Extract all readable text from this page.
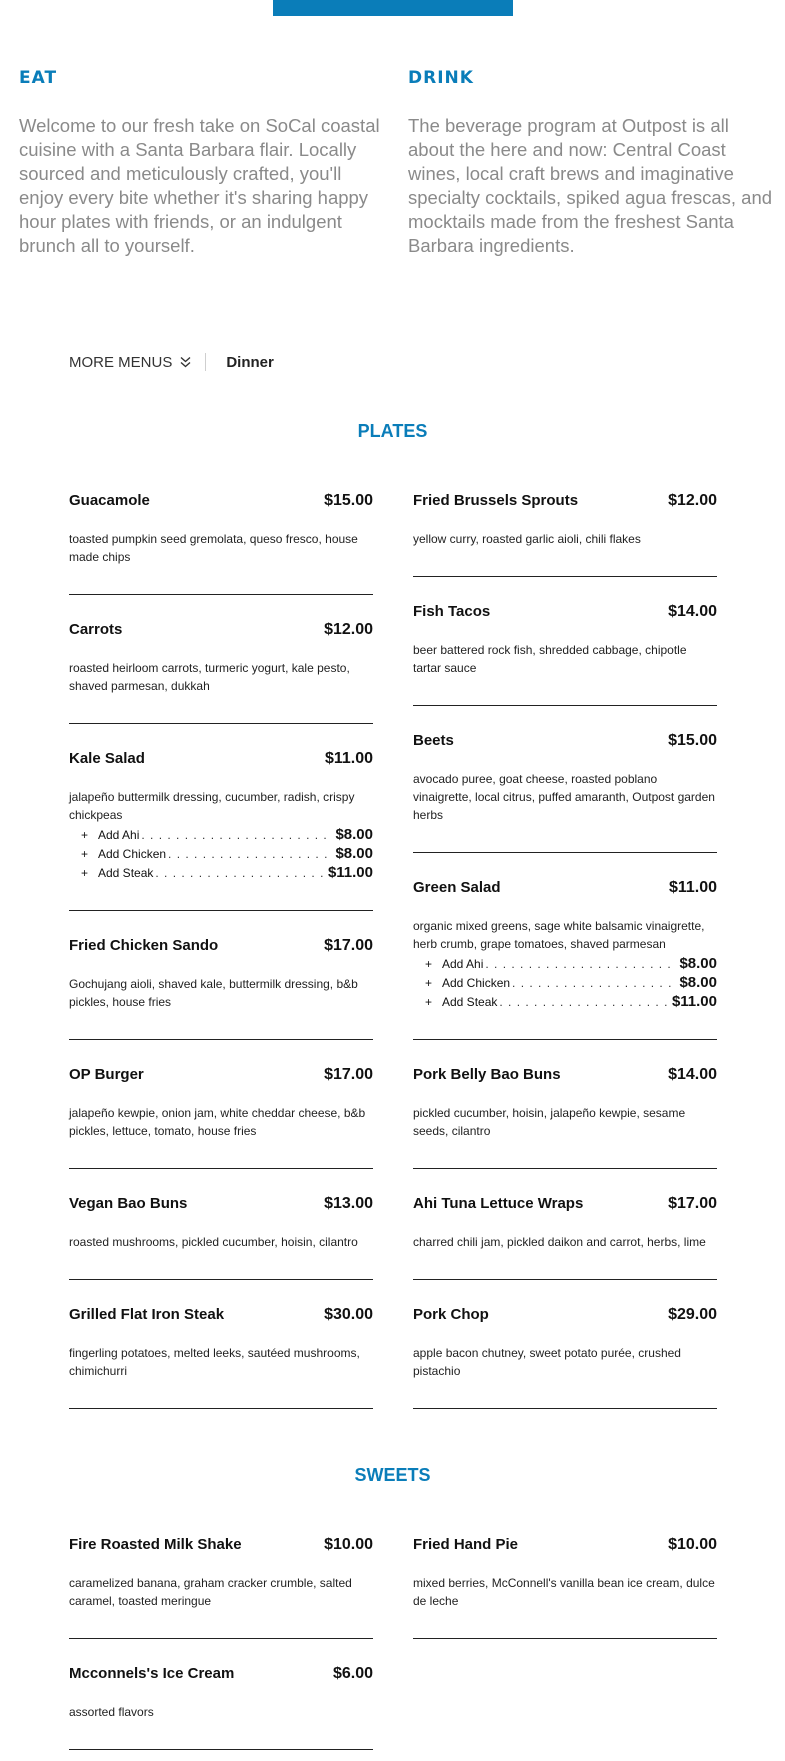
EAT
Welcome to our fresh take on SoCal coastal cuisine with a Santa Barbara flair. Locally sourced and meticulously crafted, you'll enjoy every bite whether it's sharing happy hour plates with friends, or an indulgent brunch all to yourself.
DRINK
The beverage program at Outpost is all about the here and now: Central Coast wines, local craft brews and imaginative specialty cocktails, spiked agua frescas, and mocktails made from the freshest Santa Barbara ingredients.
MORE MENUS	Dinner
PLATES
Guacamole	$15.00
toasted pumpkin seed gremolata, queso fresco, house made chips
Carrots	$12.00
roasted heirloom carrots, turmeric yogurt, kale pesto, shaved parmesan, dukkah
Kale Salad	$11.00
jalapeño buttermilk dressing, cucumber, radish, crispy chickpeas
+ Add Ahi . . .	$8.00
+ Add Chicken . . .	$8.00
+ Add Steak . . .	$11.00
Fried Chicken Sando	$17.00
Gochujang aioli, shaved kale, buttermilk dressing, b&b pickles, house fries
OP Burger	$17.00
jalapeño kewpie, onion jam, white cheddar cheese, b&b pickles, lettuce, tomato, house fries
Vegan Bao Buns	$13.00
roasted mushrooms, pickled cucumber, hoisin, cilantro
Grilled Flat Iron Steak	$30.00
fingerling potatoes, melted leeks, sautéed mushrooms, chimichurri
Fried Brussels Sprouts	$12.00
yellow curry, roasted garlic aioli, chili flakes
Fish Tacos	$14.00
beer battered rock fish, shredded cabbage, chipotle tartar sauce
Beets	$15.00
avocado puree, goat cheese, roasted poblano vinaigrette, local citrus, puffed amaranth, Outpost garden herbs
Green Salad	$11.00
organic mixed greens, sage white balsamic vinaigrette, herb crumb, grape tomatoes, shaved parmesan
+ Add Ahi . . .	$8.00
+ Add Chicken . . .	$8.00
+ Add Steak . . .	$11.00
Pork Belly Bao Buns	$14.00
pickled cucumber, hoisin, jalapeño kewpie, sesame seeds, cilantro
Ahi Tuna Lettuce Wraps	$17.00
charred chili jam, pickled daikon and carrot, herbs, lime
Pork Chop	$29.00
apple bacon chutney, sweet potato purée, crushed pistachio
SWEETS
Fire Roasted Milk Shake	$10.00
caramelized banana, graham cracker crumble, salted caramel, toasted meringue
Mcconnels's Ice Cream	$6.00
assorted flavors
Fried Hand Pie	$10.00
mixed berries, McConnell's vanilla bean ice cream, dulce de leche
